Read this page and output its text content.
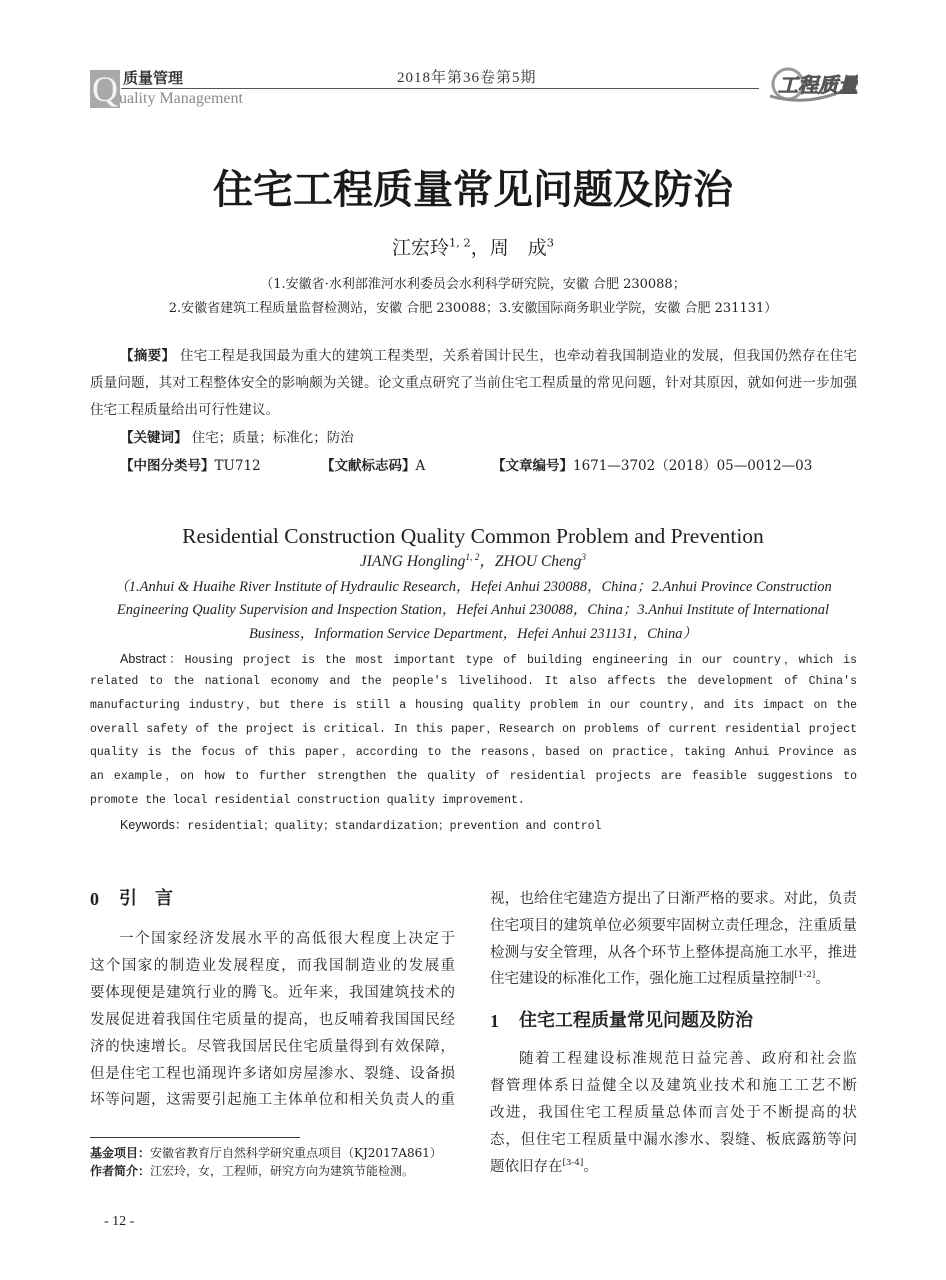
Q 质量管理
uality Management
2018年第36卷第5期	工程质量
住宅工程质量常见问题及防治
江宏玲$^{1, 2}$，周　成$^3$
（1.安徽省·水利部淮河水利委员会水利科学研究院，安徽 合肥 230088；
2.安徽省建筑工程质量监督检测站，安徽 合肥 230088；3.安徽国际商务职业学院，安徽 合肥 231131）
【摘要】 住宅工程是我国最为重大的建筑工程类型，关系着国计民生，也牵动着我国制造业的发展，但我国仍然存在住宅
质量问题，其对工程整体安全的影响颇为关键。论文重点研究了当前住宅工程质量的常见问题，针对其原因，就如何进一步加强
住宅工程质量给出可行性建议。
【关键词】 住宅；质量；标准化；防治
【中图分类号】TU712	【文献标志码】A	【文章编号】1671—3702（2018）05—0012—03
Residential Construction Quality Common Problem and Prevention
JIANG Hongling$^{1, 2}$，ZHOU Cheng$^3$
（1.Anhui & Huaihe River Institute of Hydraulic Research，Hefei Anhui 230088，China；2.Anhui Province Construction
Engineering Quality Supervision and Inspection Station，Hefei Anhui 230088，China；3.Anhui Institute of International
Business，Information Service Department，Hefei Anhui 231131，China）
Abstract：Housing project is the most important type of building engineering in our country，which is
related to the national economy and the people's livelihood. It also affects the development of China's
manufacturing industry，but there is still a housing quality problem in our country，and its impact on the
overall safety of the project is critical. In this paper，Research on problems of current residential project
quality is the focus of this paper，according to the reasons，based on practice，taking Anhui Province as
an example，on how to further strengthen the quality of residential projects are feasible suggestions to
promote the local residential construction quality improvement.
Keywords：residential；quality；standardization；prevention and control
0 引　言
一个国家经济发展水平的高低很大程度上决定于
这个国家的制造业发展程度，而我国制造业的发展重
要体现便是建筑行业的腾飞。近年来，我国建筑技术的
发展促进着我国住宅质量的提高，也反哺着我国国民经
济的快速增长。尽管我国居民住宅质量得到有效保障，
但是住宅工程也涌现许多诸如房屋渗水、裂缝、设备损
坏等问题，这需要引起施工主体单位和相关负责人的重
基金项目：安徽省教育厅自然科学研究重点项目（KJ2017A861）
作者简介：江宏玲，女，工程师，研究方向为建筑节能检测。
- 12 -
视，也给住宅建造方提出了日渐严格的要求。对此，负责
住宅项目的建筑单位必须要牢固树立责任理念，注重质量
检测与安全管理，从各个环节上整体提高施工水平，推进
住宅建设的标准化工作，强化施工过程质量控制[1-2]。
1 住宅工程质量常见问题及防治
随着工程建设标准规范日益完善、政府和社会监
督管理体系日益健全以及建筑业技术和施工工艺不断
改进，我国住宅工程质量总体而言处于不断提高的状
态，但住宅工程质量中漏水渗水、裂缝、板底露筋等问
题依旧存在[3-4]。
